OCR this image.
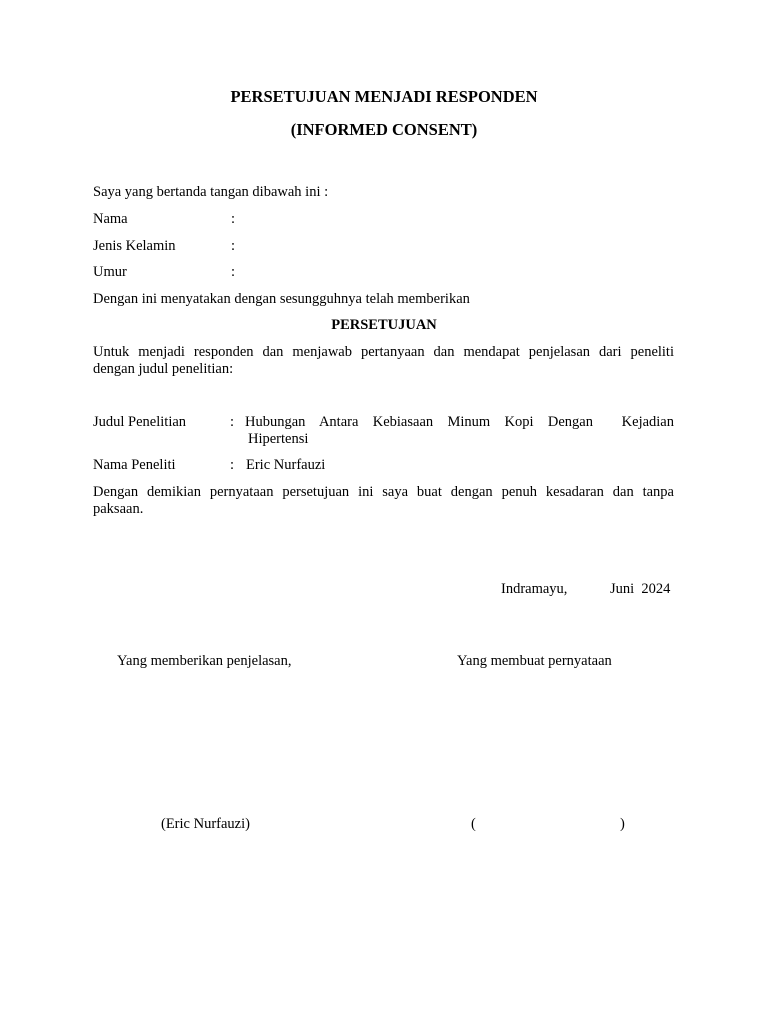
PERSETUJUAN MENJADI RESPONDEN
(INFORMED CONSENT)

Saya yang bertanda tangan dibawah ini :

Nama	:
Jenis Kelamin	:
Umur	:

Dengan ini menyatakan dengan sesungguhnya telah memberikan

PERSETUJUAN

Untuk menjadi responden dan menjawab pertanyaan dan mendapat penjelasan dari peneliti

dengan judul penelitian:

Judul Penelitian	: Hubungan Antara Kebiasaan Minum Kopi Dengan  Kejadian
Hipertensi
Nama Peneliti	: Eric Nurfauzi

Dengan demikian pernyataan persetujuan ini saya buat dengan penuh kesadaran dan tanpa

paksaan.

Indramayu,	Juni  2024
Yang memberikan penjelasan,	Yang membuat pernyataan
(Eric Nurfauzi)	(	)
